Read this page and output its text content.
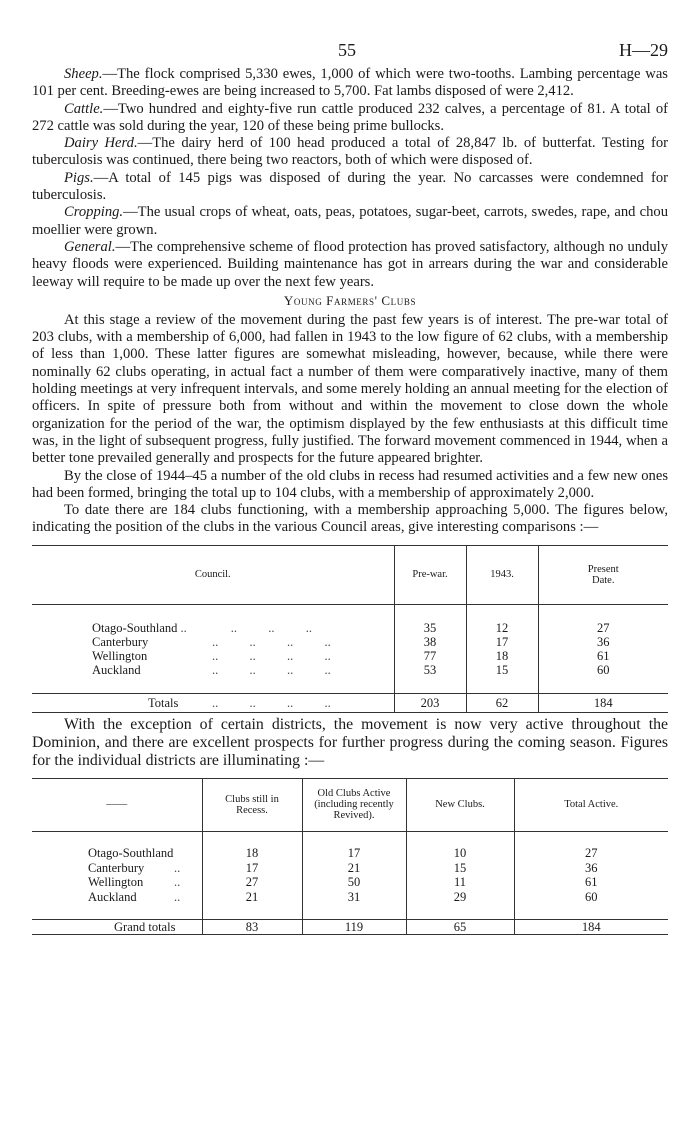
55	H—29

Sheep.—The flock comprised 5,330 ewes, 1,000 of which were two-tooths. Lambing percentage was 101 per cent. Breeding-ewes are being increased to 5,700. Fat lambs disposed of were 2,412.

Cattle.—Two hundred and eighty-five run cattle produced 232 calves, a percentage of 81. A total of 272 cattle was sold during the year, 120 of these being prime bullocks.

Dairy Herd.—The dairy herd of 100 head produced a total of 28,847 lb. of butterfat. Testing for tuberculosis was continued, there being two reactors, both of which were disposed of.

Pigs.—A total of 145 pigs was disposed of during the year. No carcasses were condemned for tuberculosis.

Cropping.—The usual crops of wheat, oats, peas, potatoes, sugar-beet, carrots, swedes, rape, and chou moellier were grown.

General.—The comprehensive scheme of flood protection has proved satisfactory, although no unduly heavy floods were experienced. Building maintenance has got in arrears during the war and considerable leeway will require to be made up over the next few years.

Young Farmers' Clubs

At this stage a review of the movement during the past few years is of interest. The pre-war total of 203 clubs, with a membership of 6,000, had fallen in 1943 to the low figure of 62 clubs, with a membership of less than 1,000. These latter figures are somewhat misleading, however, because, while there were nominally 62 clubs operating, in actual fact a number of them were comparatively inactive, many of them holding meetings at very infrequent intervals, and some merely holding an annual meeting for the election of officers. In spite of pressure both from without and within the movement to close down the whole organization for the period of the war, the optimism displayed by the few enthusiasts at this difficult time was, in the light of subsequent progress, fully justified. The forward movement commenced in 1944, when a better tone prevailed generally and prospects for the future appeared brighter.

By the close of 1944–45 a number of the old clubs in recess had resumed activities and a few new ones had been formed, bringing the total up to 104 clubs, with a membership of approximately 2,000.

To date there are 184 clubs functioning, with a membership approaching 5,000. The figures below, indicating the position of the clubs in the various Council areas, give interesting comparisons :—

Council.	Pre-war.	1943.	Present Date.

Otago-Southland .. ..          ..          ..	35	12	27
Canterbury ..          ..          ..          ..	38	17	36
Wellington ..          ..          ..          ..	77	18	61
Auckland ..          ..          ..          ..	53	15	60

Totals ..          ..          ..          ..	203	62	184

With the exception of certain districts, the movement is now very active throughout the Dominion, and there are excellent prospects for further progress during the coming season. Figures for the individual districts are illuminating :—

——	Clubs still in Recess.	Old Clubs Active (including recently Revived).	New Clubs.	Total Active.

Otago-Southland	18	17	10	27
Canterbury ..	17	21	15	36
Wellington ..	27	50	11	61
Auckland ..	21	31	29	60

Grand totals	83	119	65	184
